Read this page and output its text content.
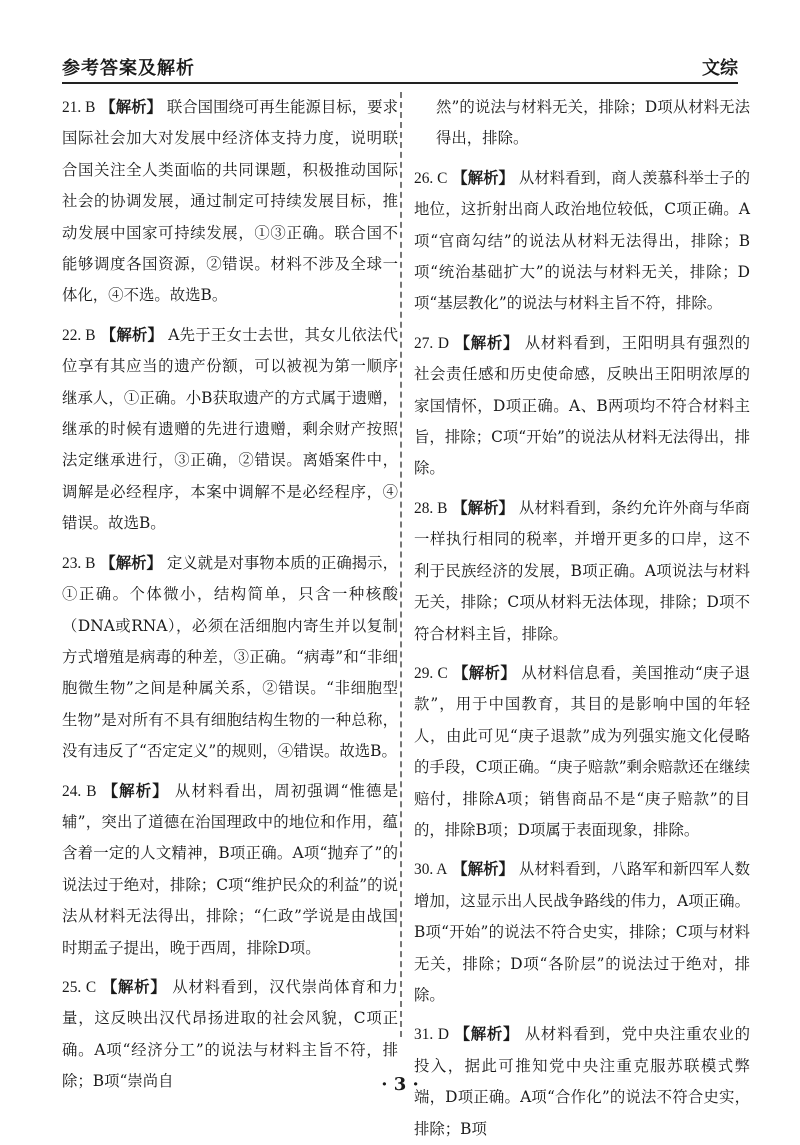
参考答案及解析	文综
21. B 【解析】 联合国围绕可再生能源目标，要求国际社会加大对发展中经济体支持力度，说明联合国关注全人类面临的共同课题，积极推动国际社会的协调发展，通过制定可持续发展目标，推动发展中国家可持续发展，①③正确。联合国不能够调度各国资源，②错误。材料不涉及全球一体化，④不选。故选B。
22. B 【解析】 A先于王女士去世，其女儿依法代位享有其应当的遗产份额，可以被视为第一顺序继承人，①正确。小B获取遗产的方式属于遗赠，继承的时候有遗赠的先进行遗赠，剩余财产按照法定继承进行，③正确，②错误。离婚案件中，调解是必经程序，本案中调解不是必经程序，④错误。故选B。
23. B 【解析】 定义就是对事物本质的正确揭示，①正确。个体微小，结构简单，只含一种核酸（DNA或RNA），必须在活细胞内寄生并以复制方式增殖是病毒的种差，③正确。“病毒”和“非细胞微生物”之间是种属关系，②错误。“非细胞型生物”是对所有不具有细胞结构生物的一种总称，没有违反了“否定定义”的规则，④错误。故选B。
24. B 【解析】 从材料看出，周初强调“惟德是辅”，突出了道德在治国理政中的地位和作用，蕴含着一定的人文精神，B项正确。A项“抛弃了”的说法过于绝对，排除；C项“维护民众的利益”的说法从材料无法得出，排除；“仁政”学说是由战国时期孟子提出，晚于西周，排除D项。
25. C 【解析】 从材料看到，汉代崇尚体育和力量，这反映出汉代昂扬进取的社会风貌，C项正确。A项“经济分工”的说法与材料主旨不符，排除；B项“崇尚自
然”的说法与材料无关，排除；D项从材料无法得出，排除。
26. C 【解析】 从材料看到，商人羡慕科举士子的地位，这折射出商人政治地位较低，C项正确。A项“官商勾结”的说法从材料无法得出，排除；B项“统治基础扩大”的说法与材料无关，排除；D项“基层教化”的说法与材料主旨不符，排除。
27. D 【解析】 从材料看到，王阳明具有强烈的社会责任感和历史使命感，反映出王阳明浓厚的家国情怀，D项正确。A、B两项均不符合材料主旨，排除；C项“开始”的说法从材料无法得出，排除。
28. B 【解析】 从材料看到，条约允许外商与华商一样执行相同的税率，并增开更多的口岸，这不利于民族经济的发展，B项正确。A项说法与材料无关，排除；C项从材料无法体现，排除；D项不符合材料主旨，排除。
29. C 【解析】 从材料信息看，美国推动“庚子退款”，用于中国教育，其目的是影响中国的年轻人，由此可见“庚子退款”成为列强实施文化侵略的手段，C项正确。“庚子赔款”剩余赔款还在继续赔付，排除A项；销售商品不是“庚子赔款”的目的，排除B项；D项属于表面现象，排除。
30. A 【解析】 从材料看到，八路军和新四军人数增加，这显示出人民战争路线的伟力，A项正确。B项“开始”的说法不符合史实，排除；C项与材料无关，排除；D项“各阶层”的说法过于绝对，排除。
31. D 【解析】 从材料看到，党中央注重农业的投入，据此可推知党中央注重克服苏联模式弊端，D项正确。A项“合作化”的说法不符合史实，排除；B项
· 3 ·
